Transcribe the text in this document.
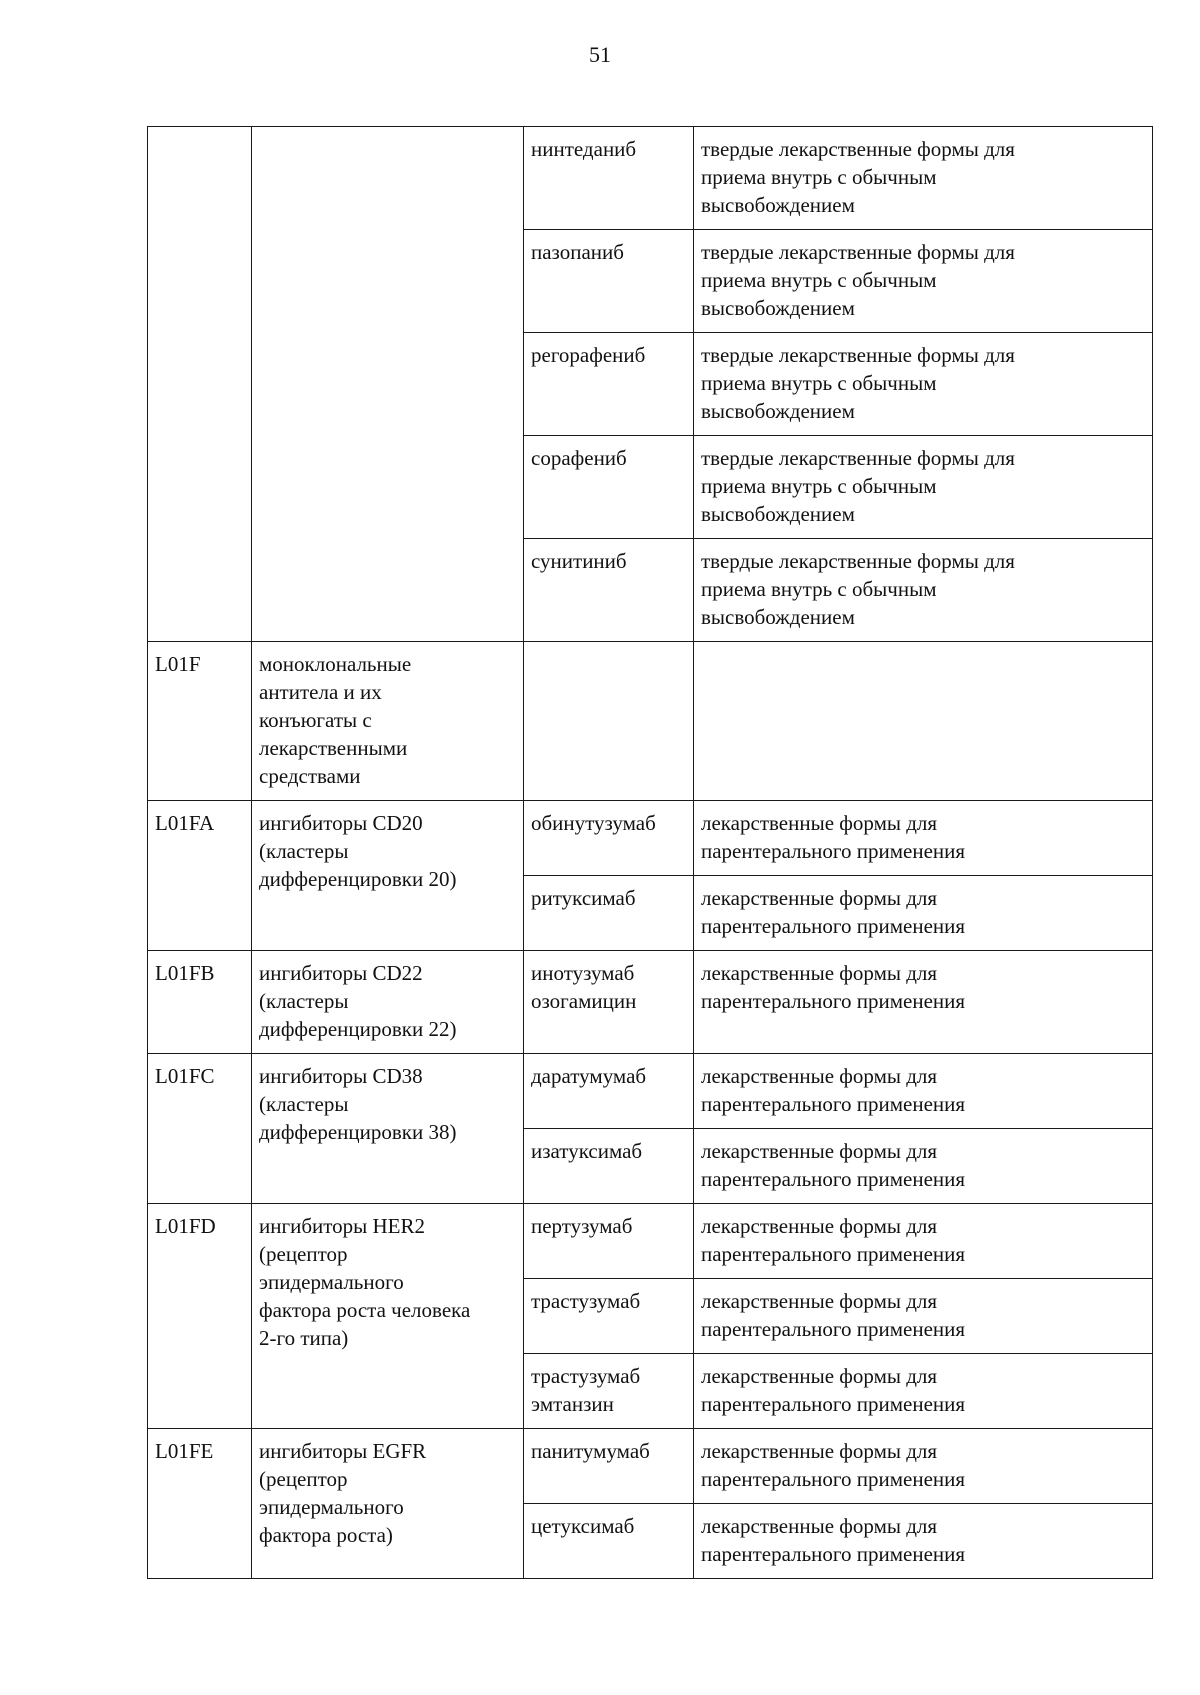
51
		нинтеданиб	твердые лекарственные формы для
приема внутрь с обычным
высвобождением
		пазопаниб	твердые лекарственные формы для
приема внутрь с обычным
высвобождением
		регорафениб	твердые лекарственные формы для
приема внутрь с обычным
высвобождением
		сорафениб	твердые лекарственные формы для
приема внутрь с обычным
высвобождением
		сунитиниб	твердые лекарственные формы для
приема внутрь с обычным
высвобождением
L01F	моноклональные
антитела и их
конъюгаты с
лекарственными
средствами		
L01FA	ингибиторы CD20
(кластеры
дифференцировки 20)	обинутузумаб	лекарственные формы для
парентерального применения
		ритуксимаб	лекарственные формы для
парентерального применения
L01FB	ингибиторы CD22
(кластеры
дифференцировки 22)	инотузумаб
озогамицин	лекарственные формы для
парентерального применения
L01FC	ингибиторы CD38
(кластеры
дифференцировки 38)	даратумумаб	лекарственные формы для
парентерального применения
		изатуксимаб	лекарственные формы для
парентерального применения
L01FD	ингибиторы HER2
(рецептор
эпидермального
фактора роста человека
2-го типа)	пертузумаб	лекарственные формы для
парентерального применения
		трастузумаб	лекарственные формы для
парентерального применения
		трастузумаб
эмтанзин	лекарственные формы для
парентерального применения
L01FE	ингибиторы EGFR
(рецептор
эпидермального
фактора роста)	панитумумаб	лекарственные формы для
парентерального применения
		цетуксимаб	лекарственные формы для
парентерального применения
